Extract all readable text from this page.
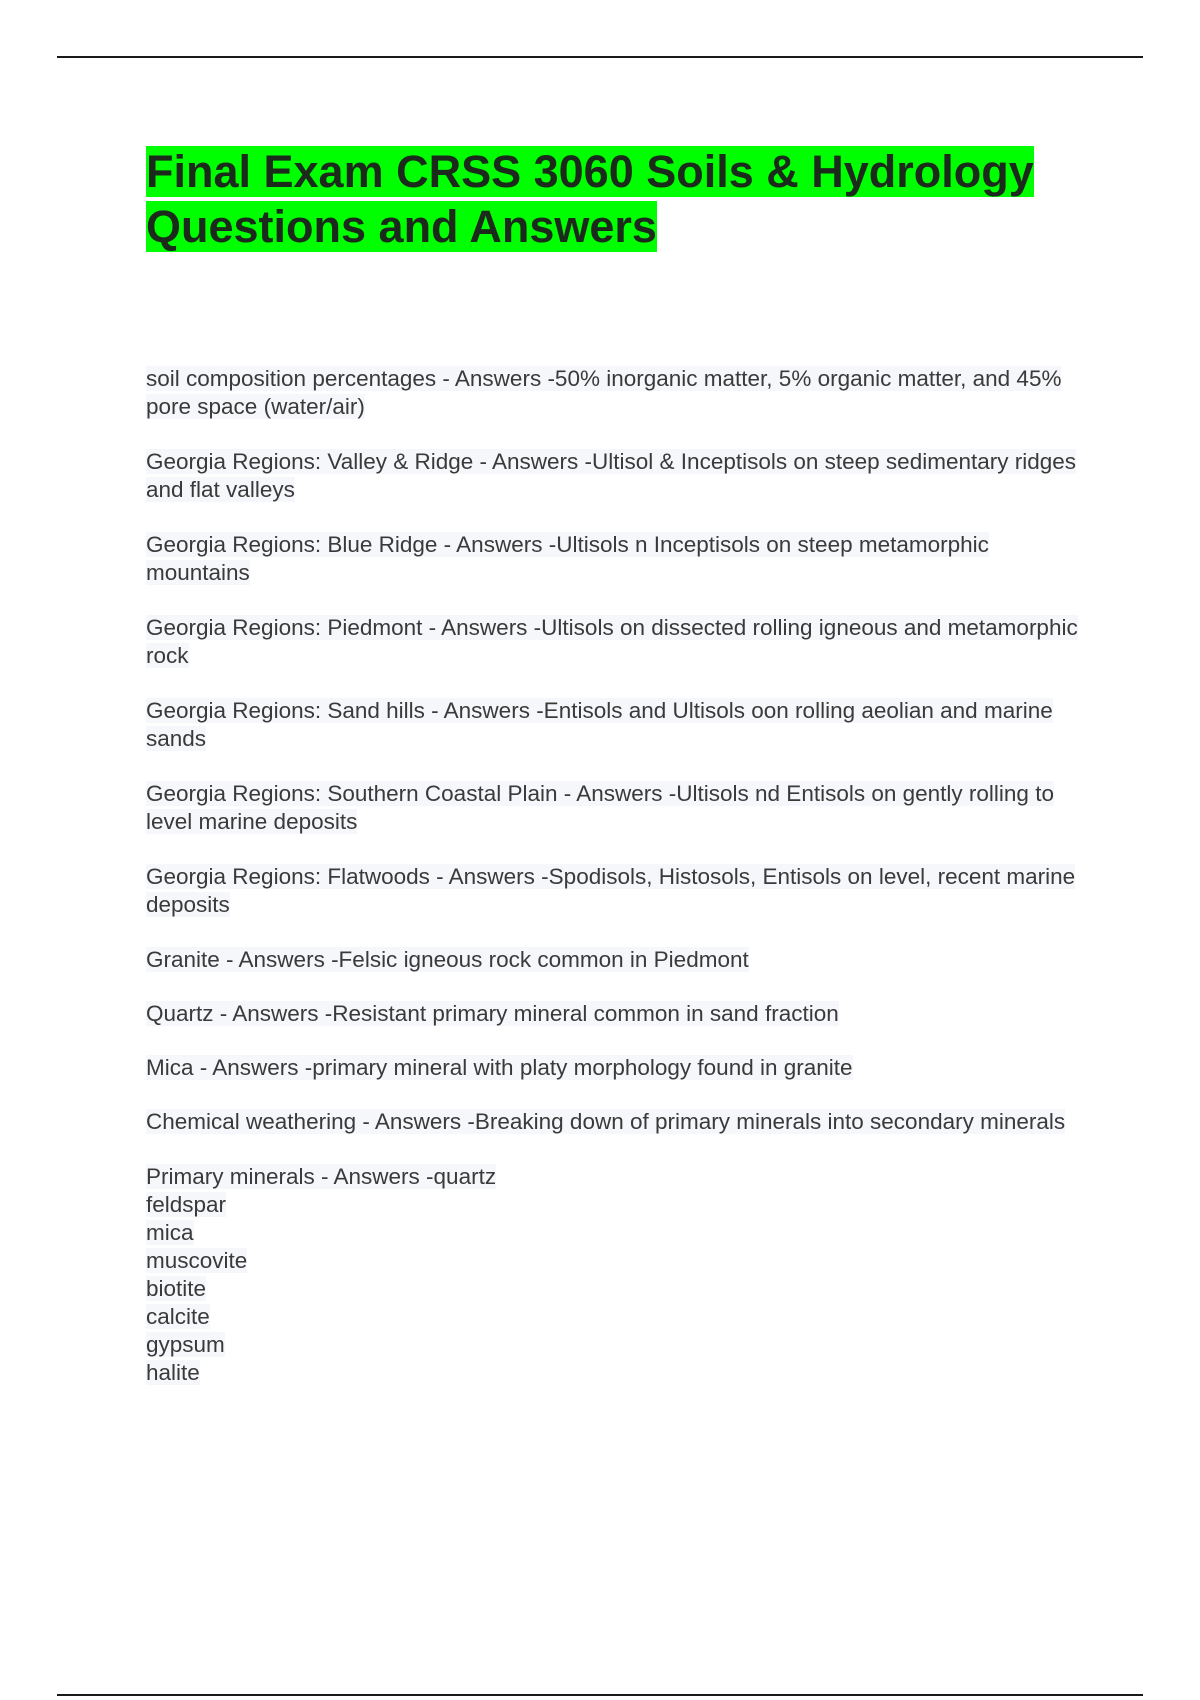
Final Exam CRSS 3060 Soils & Hydrology Questions and Answers
soil composition percentages - Answers -50% inorganic matter, 5% organic matter, and 45% pore space (water/air)
Georgia Regions: Valley & Ridge - Answers -Ultisol & Inceptisols on steep sedimentary ridges and flat valleys
Georgia Regions: Blue Ridge - Answers -Ultisols n Inceptisols on steep metamorphic mountains
Georgia Regions: Piedmont - Answers -Ultisols on dissected rolling igneous and metamorphic rock
Georgia Regions: Sand hills - Answers -Entisols and Ultisols oon rolling aeolian and marine sands
Georgia Regions: Southern Coastal Plain - Answers -Ultisols nd Entisols on gently rolling to level marine deposits
Georgia Regions: Flatwoods - Answers -Spodisols, Histosols, Entisols on level, recent marine deposits
Granite - Answers -Felsic igneous rock common in Piedmont
Quartz - Answers -Resistant primary mineral common in sand fraction
Mica - Answers -primary mineral with platy morphology found in granite
Chemical weathering - Answers -Breaking down of primary minerals into secondary minerals
Primary minerals - Answers -quartz
feldspar
mica
muscovite
biotite
calcite
gypsum
halite
